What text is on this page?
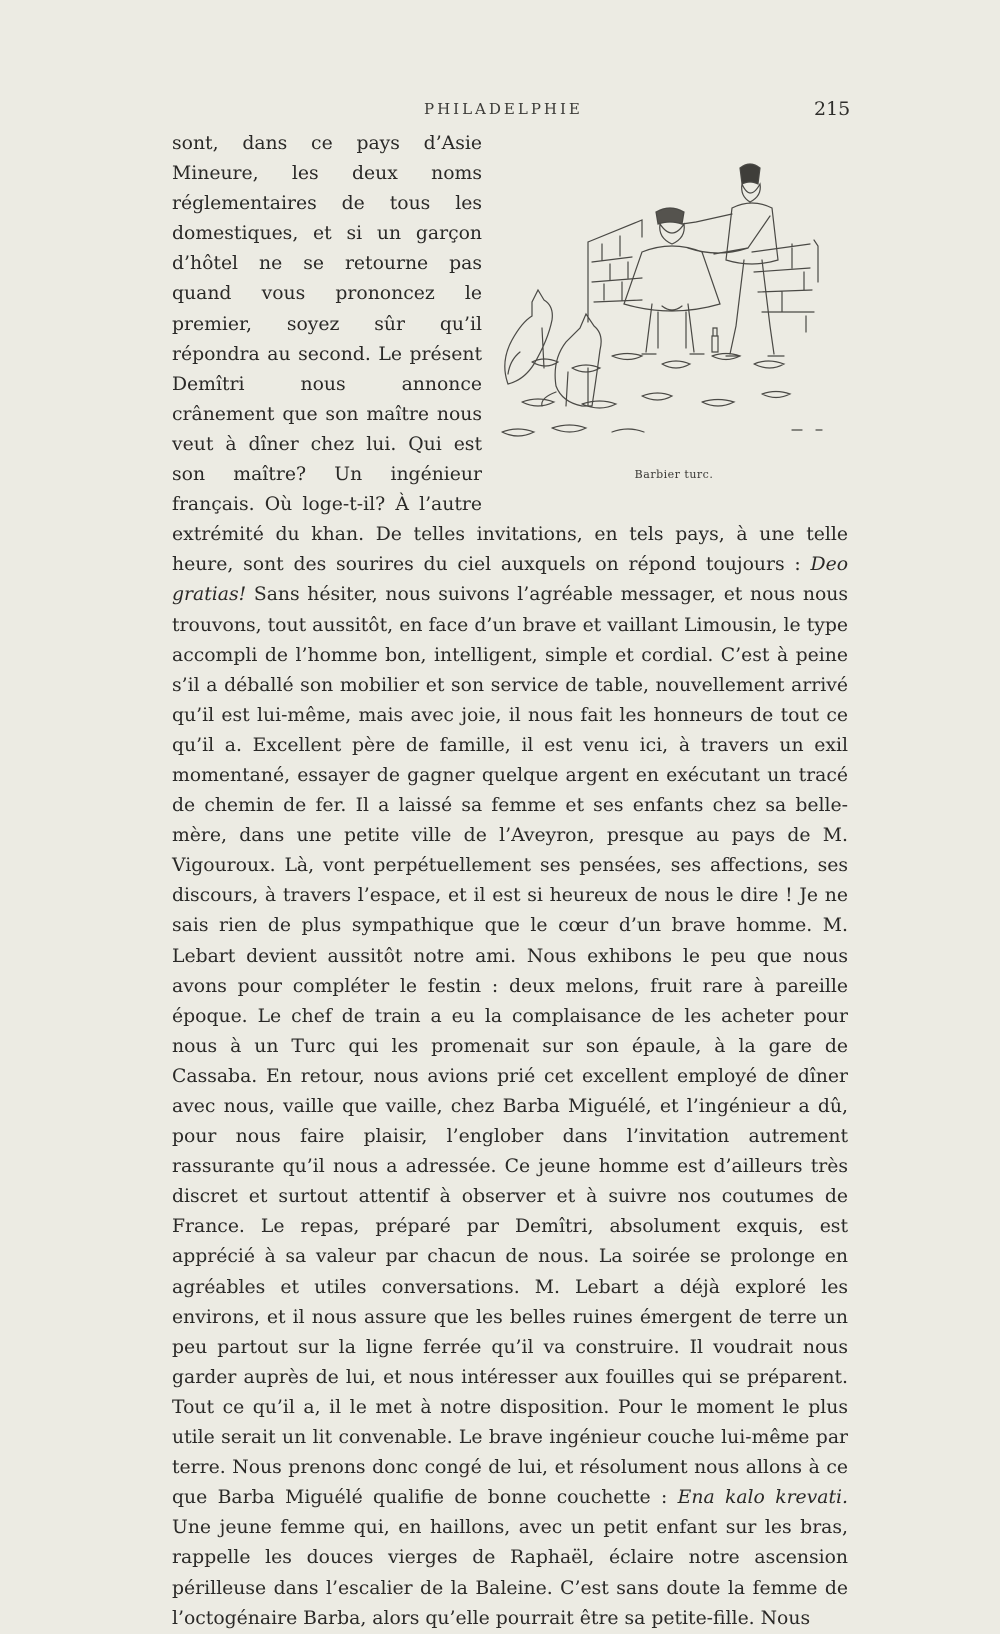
PHILADELPHIE	215

Barbier turc.
sont, dans ce pays d’Asie Mineure, les deux noms réglementaires de tous les domestiques, et si un garçon d’hôtel ne se retourne pas quand vous prononcez le premier, soyez sûr qu’il répondra au second. Le présent Demîtri nous annonce crânement que son maître nous veut à dîner chez lui. Qui est son maître? Un ingénieur français. Où loge-t-il? À l’autre extrémité du khan. De telles invitations, en tels pays, à une telle heure, sont des sourires du ciel auxquels on répond toujours : Deo gratias! Sans hésiter, nous suivons l’agréable messager, et nous nous trouvons, tout aussitôt, en face d’un brave et vaillant Limousin, le type accompli de l’homme bon, intelligent, simple et cordial. C’est à peine s’il a déballé son mobilier et son service de table, nouvellement arrivé qu’il est lui-même, mais avec joie, il nous fait les honneurs de tout ce qu’il a. Excellent père de famille, il est venu ici, à travers un exil momentané, essayer de gagner quelque argent en exécutant un tracé de chemin de fer. Il a laissé sa femme et ses enfants chez sa belle-mère, dans une petite ville de l’Aveyron, presque au pays de M. Vigouroux. Là, vont perpétuellement ses pensées, ses affections, ses discours, à travers l’espace, et il est si heureux de nous le dire ! Je ne sais rien de plus sympathique que le cœur d’un brave homme. M. Lebart devient aussitôt notre ami. Nous exhibons le peu que nous avons pour compléter le festin : deux melons, fruit rare à pareille époque. Le chef de train a eu la complaisance de les acheter pour nous à un Turc qui les promenait sur son épaule, à la gare de Cassaba. En retour, nous avions prié cet excellent employé de dîner avec nous, vaille que vaille, chez Barba Miguélé, et l’ingénieur a dû, pour nous faire plaisir, l’englober dans l’invitation autrement rassurante qu’il nous a adressée. Ce jeune homme est d’ailleurs très discret et surtout attentif à observer et à suivre nos coutumes de France. Le repas, préparé par Demîtri, absolument exquis, est apprécié à sa valeur par chacun de nous. La soirée se prolonge en agréables et utiles conversations. M. Lebart a déjà exploré les environs, et il nous assure que les belles ruines émergent de terre un peu partout sur la ligne ferrée qu’il va construire. Il voudrait nous garder auprès de lui, et nous intéresser aux fouilles qui se préparent. Tout ce qu’il a, il le met à notre disposition. Pour le moment le plus utile serait un lit convenable. Le brave ingénieur couche lui-même par terre. Nous prenons donc congé de lui, et résolument nous allons à ce que Barba Miguélé qualifie de bonne couchette : Ena kalo krevati. Une jeune femme qui, en haillons, avec un petit enfant sur les bras, rappelle les douces vierges de Raphaël, éclaire notre ascension périlleuse dans l’escalier de la Baleine. C’est sans doute la femme de l’octogénaire Barba, alors qu’elle pourrait être sa petite-fille. Nous
